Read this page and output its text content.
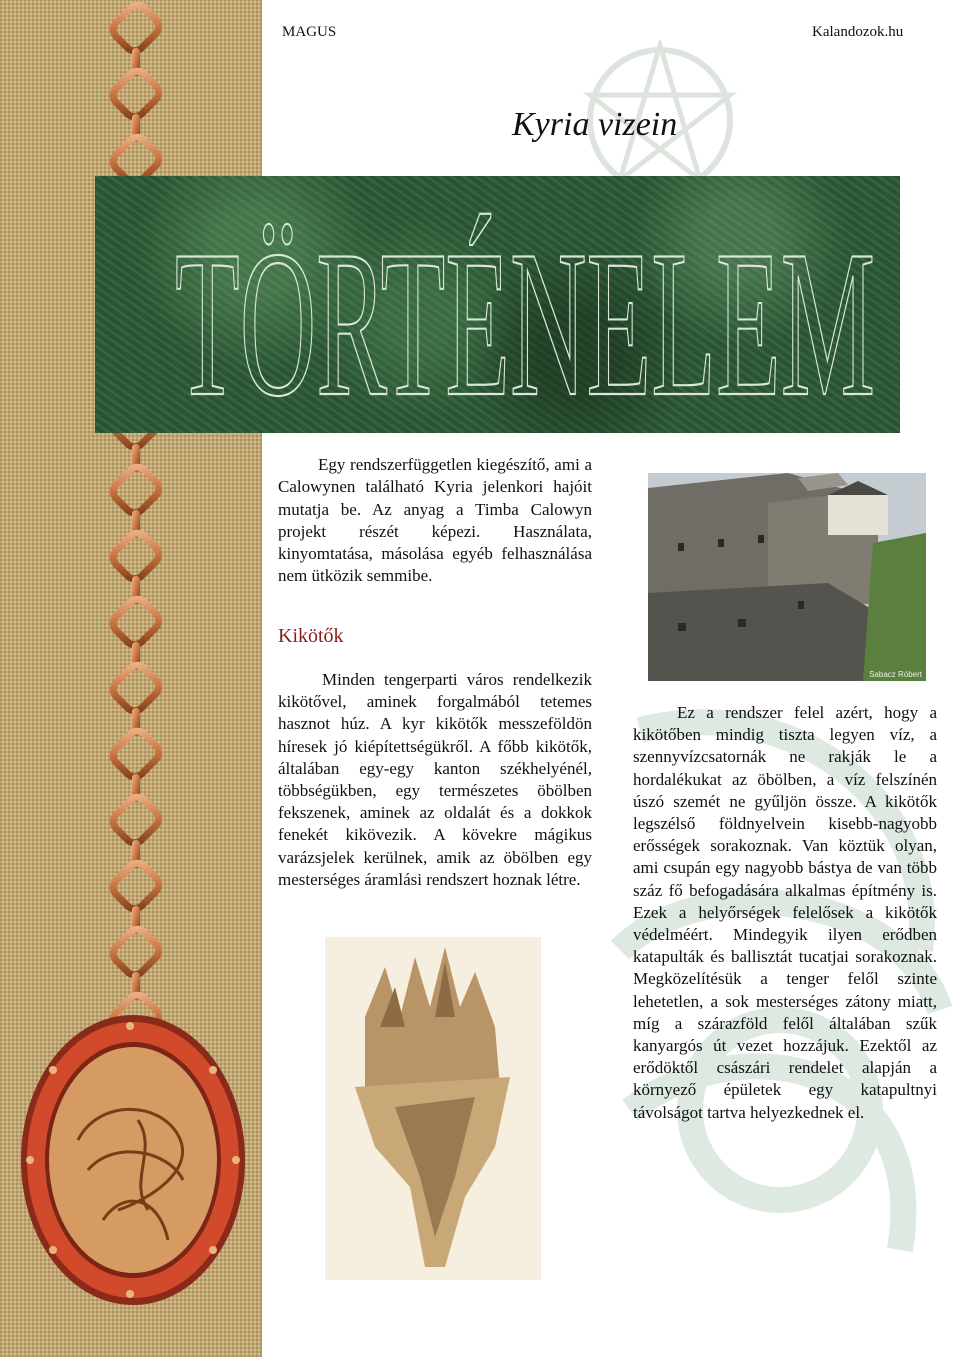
MAGUS	Kalandozok.hu
Kyria vizein
TÖRTÉNELEM
Egy rendszerfüggetlen kiegészítő, ami a Calowynen található Kyria jelenkori hajóit mutatja be. Az anyag a Timba Calowyn projekt részét képezi. Használata, kinyomtatása, másolása egyéb felhasználása nem ütközik semmibe.
Kikötők
Minden tengerparti város rendelkezik kikötővel, aminek forgalmából tetemes hasznot húz. A kyr kikötők messzeföldön híresek jó kiépítettségükről. A főbb kikötők, általában egy-egy kanton székhelyénél, többségükben, egy természetes öbölben fekszenek, aminek az oldalát és a dokkok fenekét kikövezik. A kövekre mágikus varázsjelek kerülnek, amik az öbölben egy mesterséges áramlási rendszert hoznak létre.
Sabacz Róbert
Ez a rendszer felel azért, hogy a kikötőben mindig tiszta legyen víz, a szennyvízcsatornák ne rakják le a hordalékukat az öbölben, a víz felszínén úszó szemét ne gyűljön össze. A kikötők legszélső földnyelvein kisebb-nagyobb erősségek sorakoznak. Van köztük olyan, ami csupán egy nagyobb bástya de van több száz fő befogadására alkalmas építmény is. Ezek a helyőrségek felelősek a kikötők védelméért. Mindegyik ilyen erődben katapulták és ballisztát tucatjai sorakoznak. Megközelítésük a tenger felől szinte lehetetlen, a sok mesterséges zátony miatt, míg a szárazföld felől általában szűk kanyargós út vezet hozzájuk. Ezektől az erődöktől császári rendelet alapján a környező épületek egy katapultnyi távolságot tartva helyezkednek el.
